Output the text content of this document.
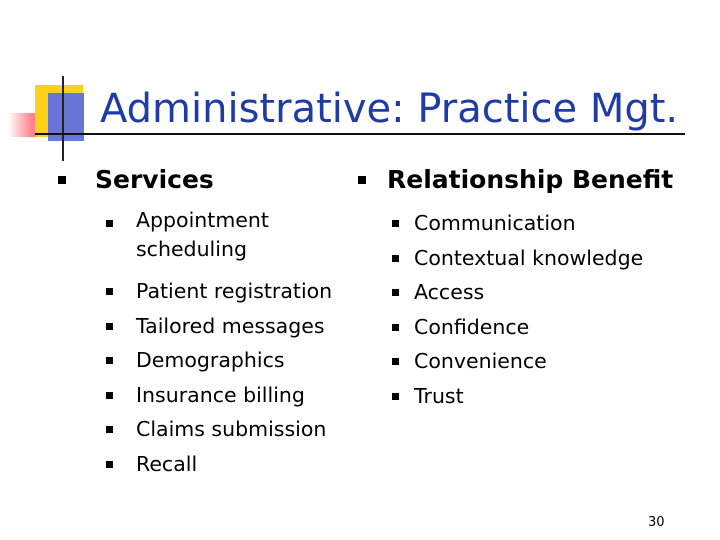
Administrative: Practice Mgt.
Services
Appointment scheduling
Patient registration
Tailored messages
Demographics
Insurance billing
Claims submission
Recall
Relationship Benefit
Communication
Contextual knowledge
Access
Confidence
Convenience
Trust
30
